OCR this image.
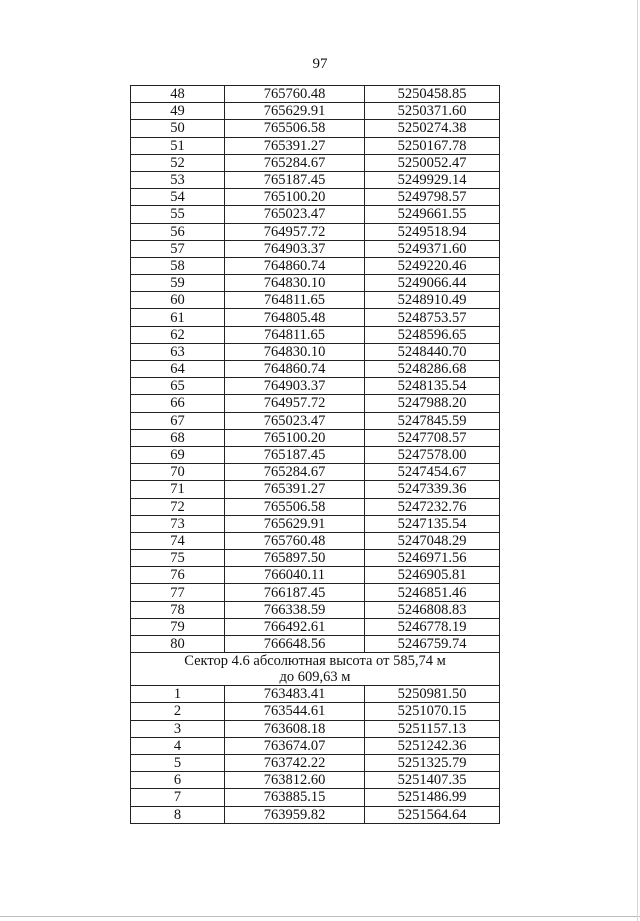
97
48	765760.48	5250458.85
49	765629.91	5250371.60
50	765506.58	5250274.38
51	765391.27	5250167.78
52	765284.67	5250052.47
53	765187.45	5249929.14
54	765100.20	5249798.57
55	765023.47	5249661.55
56	764957.72	5249518.94
57	764903.37	5249371.60
58	764860.74	5249220.46
59	764830.10	5249066.44
60	764811.65	5248910.49
61	764805.48	5248753.57
62	764811.65	5248596.65
63	764830.10	5248440.70
64	764860.74	5248286.68
65	764903.37	5248135.54
66	764957.72	5247988.20
67	765023.47	5247845.59
68	765100.20	5247708.57
69	765187.45	5247578.00
70	765284.67	5247454.67
71	765391.27	5247339.36
72	765506.58	5247232.76
73	765629.91	5247135.54
74	765760.48	5247048.29
75	765897.50	5246971.56
76	766040.11	5246905.81
77	766187.45	5246851.46
78	766338.59	5246808.83
79	766492.61	5246778.19
80	766648.56	5246759.74

Сектор 4.6 абсолютная высота от 585,74 м
до 609,63 м		

1	763483.41	5250981.50
2	763544.61	5251070.15
3	763608.18	5251157.13
4	763674.07	5251242.36
5	763742.22	5251325.79
6	763812.60	5251407.35
7	763885.15	5251486.99
8	763959.82	5251564.64
